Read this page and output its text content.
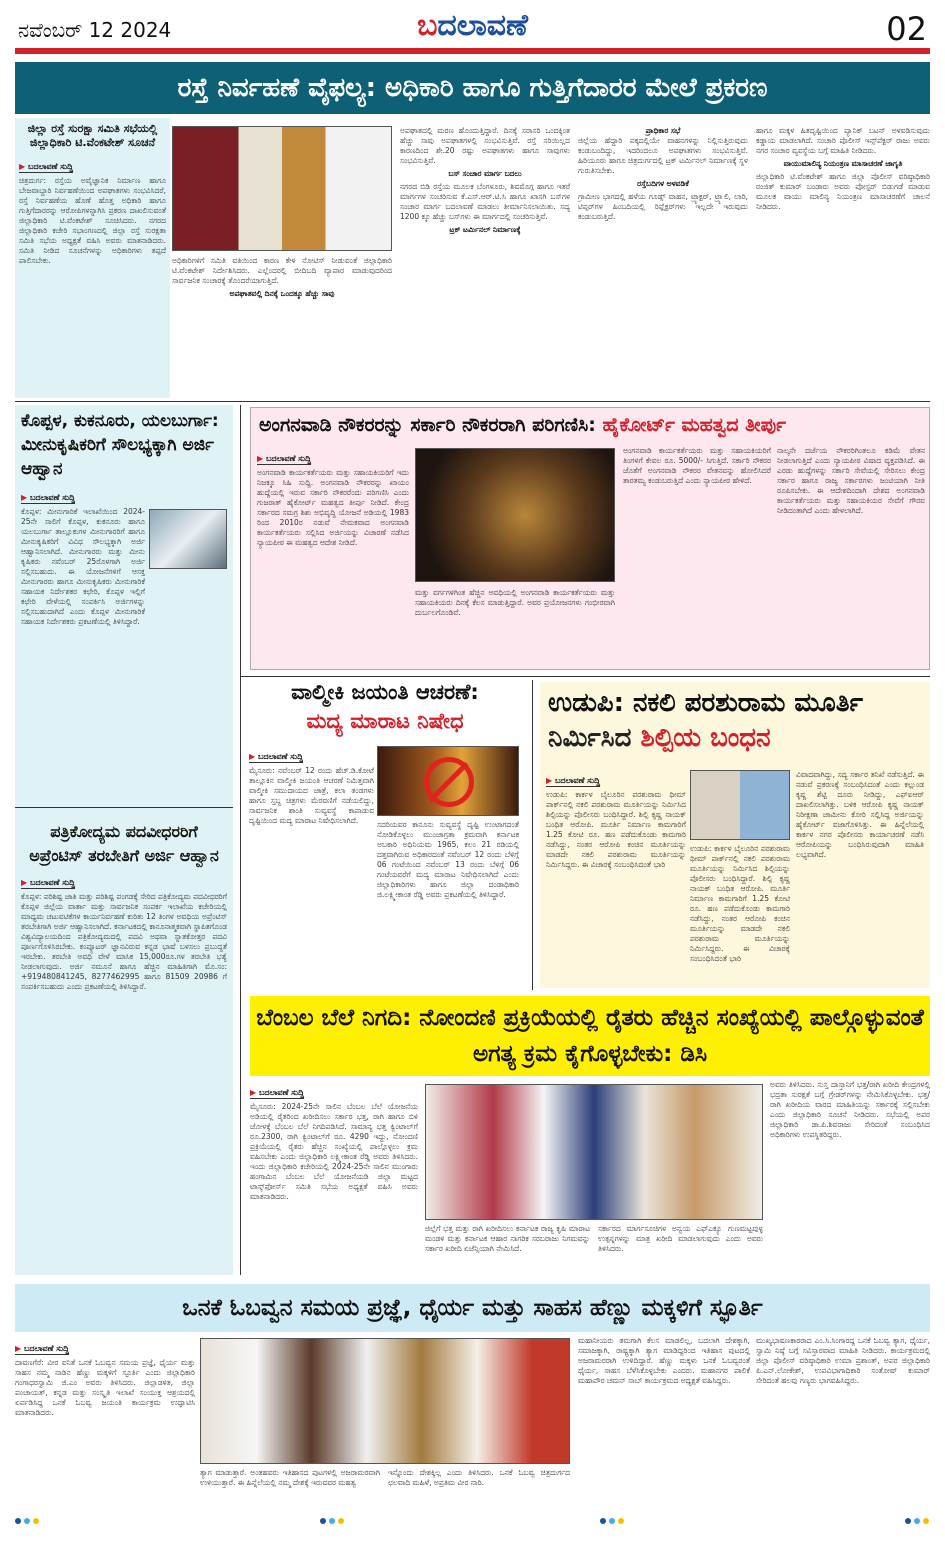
ನವೆಂಬರ್ 12 2024	ಬದಲಾವಣೆ	02
ರಸ್ತೆ ನಿರ್ವಹಣೆ ವೈಫಲ್ಯ: ಅಧಿಕಾರಿ ಹಾಗೂ ಗುತ್ತಿಗೆದಾರರ ಮೇಲೆ ಪ್ರಕರಣ
ಜಿಲ್ಲಾ ರಸ್ತೆ ಸುರಕ್ಷಾ ಸಮಿತಿ ಸಭೆಯಲ್ಲಿ ಜಿಲ್ಲಾಧಿಕಾರಿ ಟಿ.ವೆಂಕಟೇಶ್ ಸೂಚನೆ
▶ ಬದಲಾವಣೆ ಸುದ್ದಿ
ಚಿತ್ರದುರ್ಗ: ರಸ್ತೆಯ ಅವೈಜ್ಞಾನಿಕ ನಿರ್ಮಾಣ ಹಾಗೂ ಬೇಜವಾಬ್ದಾರಿ ನಿರ್ವಹಣೆಯಿಂದ ಅಪಘಾತಗಳು ಸಂಭವಿಸಿದರೆ, ರಸ್ತೆ ನಿರ್ವಹಣೆಯ ಹೊಣೆ ಹೊತ್ತ ಅಧಿಕಾರಿ ಹಾಗೂ ಗುತ್ತಿಗೆದಾರರನ್ನು ಆರೋಪಿಗಳನ್ನಾಗಿಸಿ ಪ್ರಕರಣ ದಾಖಲಿಸುವಂತೆ ಜಿಲ್ಲಾಧಿಕಾರಿ ಟಿ.ವೆಂಕಟೇಶ್ ಸೂಚಿಸಿದರು. ನಗರದ ಜಿಲ್ಲಾಧಿಕಾರಿ ಕಚೇರಿ ಸಭಾಂಗಣದಲ್ಲಿ ಜಿಲ್ಲಾ ರಸ್ತೆ ಸುರಕ್ಷತಾ ಸಮಿತಿ ಸಭೆಯ ಅಧ್ಯಕ್ಷತೆ ವಹಿಸಿ ಅವರು ಮಾತನಾಡಿದರು. ಸಮಿತಿ ನೀಡಿದ ಸೂಚನೆಗಳನ್ನು ಅಧಿಕಾರಿಗಳು ತಪ್ಪದೆ ಪಾಲಿಸಬೇಕು.	ಅಧಿಕಾರಿಗಳಿಗೆ ಸಮಿತಿ ವತಿಯಿಂದ ಕಾರಣ ಕೇಳಿ ನೋಟಿಸ್ ನೀಡುವಂತೆ ಜಿಲ್ಲಾಧಿಕಾರಿ ಟಿ.ವೆಂಕಟೇಶ್ ನಿರ್ದೇಶಿಸಿದರು. ಎಲ್ಲೆಂದರಲ್ಲಿ ಬೀದಿಬದಿ ವ್ಯಾಪಾರ ಮಾಡುವುದರಿಂದ ಸಾರ್ವಜನಿಕ ಸಂಚಾರಕ್ಕೆ ತೊಂದರೆಯಾಗುತ್ತಿದೆ.
ಅಪಘಾತವಲ್ಲಿ ದಿನಕ್ಕೆ ಒಂದಕ್ಕೂ ಹೆಚ್ಚು ಸಾವು
ಅಪಘಾತದಲ್ಲಿ ಮರಣ ಹೊಂದುತ್ತಿದ್ದಾರೆ. ದಿನಕ್ಕೆ ಸರಾಸರಿ ಒಂದಕ್ಕಿಂತ ಹೆಚ್ಚು ಸಾವು ಅಪಘಾತಗಳಲ್ಲಿ ಸಂಭವಿಸುತ್ತಿವೆ. ರಸ್ತೆ ಸರಿಯಿಲ್ಲದ ಕಾರಣದಿಂದ ಶೇ.20 ರಷ್ಟು ಅಪಘಾತಗಳು ಹಾಗೂ ಸಾವುಗಳು ಸಂಭವಿಸುತ್ತಿವೆ.
ಬಸ್ ಸಂಚಾರ ಮಾರ್ಗ ಬದಲು
ನಗರದ ಬಿಡಿ ರಸ್ತೆಯ ಮೂಲಕ ಬೆಂಗಳೂರು, ಶಿವಮೊಗ್ಗ ಹಾಗೂ ಇತರೆ ಮಾರ್ಗಗಳ ಸಂಚರಿಸುವ ಕೆ.ಎಸ್.ಆರ್.ಟಿ.ಸಿ ಹಾಗೂ ಖಾಸಗಿ ಬಸ್‌ಗಳ ಸಂಚಾರ ಮಾರ್ಗ ಬದಲಾವಣೆ ಮಾಡಲು ತೀರ್ಮಾನಿಸಲಾಯಿತು. ಸದ್ಯ 1200 ಕ್ಕೂ ಹೆಚ್ಚು ಬಸ್‌ಗಳು ಈ ಮಾರ್ಗದಲ್ಲಿ ಸಂಚರಿಸುತ್ತಿವೆ.
ಟ್ರಕ್ ಟರ್ಮಿನಲ್ ನಿರ್ಮಾಣಕ್ಕೆ
ಪ್ರಾಧಿಕಾರ ಸಭೆ
ಜಿಲ್ಲೆಯ ಹೆದ್ದಾರಿ ಪಕ್ಕದಲ್ಲಿಯೇ ವಾಹನಗಳನ್ನು ನಿಲ್ಲಿಸುತ್ತಿರುವುದು ಕಂಡುಬಂದಿದ್ದು, ಇದರಿಂದಲೂ ಅಪಘಾತಗಳು ಸಂಭವಿಸುತ್ತಿವೆ. ಹಿರಿಯೂರು ಹಾಗೂ ಚಿತ್ರದುರ್ಗದಲ್ಲಿ ಟ್ರಕ್ ಟರ್ಮಿನಲ್ ನಿರ್ಮಾಣಕ್ಕೆ ಸ್ಥಳ ಗುರುತಿಸಬೇಕು.
ರಸ್ತೆಬದಿಗಳ ಅಳವಡಿಕೆ
ಗ್ರಾಮೀಣ ಭಾಗದಲ್ಲಿ ಹಳೆಯ ಗೂಡ್ಸ್ ವಾಹನ, ಟ್ರ್ಯಾಕ್ಟರ್, ಟ್ರ್ಯಾಲಿ, ಲಾರಿ, ಟಿಪ್ಪರ್‌ಗಳ ಹಿಂಬದಿಯಲ್ಲಿ ರಿಫ್ಲೆಕ್ಟರ್‌ಗಳು ಇಲ್ಲದೇ ಇರುವುದು ಕಂಡುಬರುತ್ತಿದೆ.
ಹಾಗೂ ಮಕ್ಕಳ ಹಿತದೃಷ್ಟಿಯಿಂದ ಪ್ಯಾನಿಕ್ ಬಟನ್ ಅಳವಡಿಸುವುದು ಕಡ್ಡಾಯ ಮಾಡಲಾಗಿದೆ. ಸಂಚಾರಿ ಪೊಲೀಸ್ ಇನ್ಸ್‌ಪೆಕ್ಟರ್ ರಾಜು ಅವರು ನಗರ ಸಂಚಾರ ವ್ಯವಸ್ಥೆಯ ಬಗ್ಗೆ ಮಾಹಿತಿ ನೀಡಿದರು.
ವಾಯುಮಾಲಿನ್ಯ ನಿಯಂತ್ರಣ ಮಾಸಾಚರಣೆ ಜಾಗೃತಿ
ಜಿಲ್ಲಾಧಿಕಾರಿ ಟಿ.ವೆಂಕಟೇಶ್ ಹಾಗೂ ಜಿಲ್ಲಾ ಪೊಲೀಸ್ ವರಿಷ್ಠಾಧಿಕಾರಿ ರಂಜಿತ್ ಕುಮಾರ್ ಬಂಡಾರು ಅವರು ಪೋಸ್ಟರ್ ಬಿಡುಗಡೆ ಮಾಡುವ ಮೂಲಕ ವಾಯು ಮಾಲಿನ್ಯ ನಿಯಂತ್ರಣ ಮಾಸಾಚರಣೆಗೆ ಚಾಲನೆ ನೀಡಿದರು.
ಕೊಪ್ಪಳ, ಕುಕನೂರು, ಯಲಬುರ್ಗಾ: ಮೀನುಕೃಷಿಕರಿಗೆ ಸೌಲಭ್ಯಕ್ಕಾಗಿ ಅರ್ಜಿ ಆಹ್ವಾನ
▶ ಬದಲಾವಣೆ ಸುದ್ದಿ
ಕೊಪ್ಪಳ: ಮೀನುಗಾರಿಕೆ ಇಲಾಖೆಯಿಂದ 2024-25ನೇ ಸಾಲಿಗೆ ಕೊಪ್ಪಳ, ಕುಕನೂರು ಹಾಗೂ ಯಲಬುರ್ಗಾ ತಾಲ್ಲೂಕುಗಳ ಮೀನುಗಾರರಿಗೆ ಹಾಗೂ ಮೀನುಕೃಷಿಕರಿಗೆ ವಿವಿಧ ಸೌಲಭ್ಯಕ್ಕಾಗಿ ಅರ್ಜಿ ಆಹ್ವಾನಿಸಲಾಗಿದೆ. ಮೀನುಗಾರರು ಮತ್ತು ಮೀನು ಕೃಷಿಕರು ನವೆಂಬರ್ 25ರೊಳಗಾಗಿ ಅರ್ಜಿ ಸಲ್ಲಿಸಬಹುದು. ಈ ಯೋಜನೆಗಳಿಗೆ ಆಸಕ್ತ ಮೀನುಗಾರರು ಹಾಗೂ ಮೀನುಕೃಷಿಕರು ಮೀನುಗಾರಿಕೆ ಸಹಾಯಕ ನಿರ್ದೇಶಕರ ಕಛೇರಿ, ಕೊಪ್ಪಳ ಇಲ್ಲಿಗೆ ಕಛೇರಿ ವೇಳೆಯಲ್ಲಿ ಸಂಪರ್ಕಿಸಿ ಅರ್ಜಿಗಳನ್ನು ಸಲ್ಲಿಸಬಹುದಾಗಿದೆ ಎಂದು ಕೊಪ್ಪಳ ಮೀನುಗಾರಿಕೆ ಸಹಾಯಕ ನಿರ್ದೇಶಕರು ಪ್ರಕಟಣೆಯಲ್ಲಿ ತಿಳಿಸಿದ್ದಾರೆ.
ಪತ್ರಿಕೋದ್ಯಮ ಪದವೀಧರರಿಗೆ ಅಪ್ರೆಂಟಿಸ್ ತರಬೇತಿಗೆ ಅರ್ಜಿ ಆಹ್ವಾನ
▶ ಬದಲಾವಣೆ ಸುದ್ದಿ
ಕೊಪ್ಪಳ: ಪರಿಶಿಷ್ಟ ಜಾತಿ ಮತ್ತು ಪರಿಶಿಷ್ಟ ಪಂಗಡಕ್ಕೆ ಸೇರಿದ ಪತ್ರಿಕೋದ್ಯಮ ಪದವೀಧರರಿಗೆ ಕೊಪ್ಪಳ ಜಿಲ್ಲೆಯ ವಾರ್ತಾ ಮತ್ತು ಸಾರ್ವಜನಿಕ ಸಂಪರ್ಕ ಇಲಾಖೆಯ ಕಚೇರಿಯಲ್ಲಿ ಮಾಧ್ಯಮ ಚಟುವಟಿಕೆಗಳ ಕಾರ್ಯನಿರ್ವಹಣೆ ಕುರಿತು 12 ತಿಂಗಳ ಅವಧಿಯ ಅಪ್ರೆಂಟಿಸ್ ತರಬೇತಿಗಾಗಿ ಅರ್ಜಿ ಆಹ್ವಾನಿಸಲಾಗಿದೆ. ಕರ್ನಾಟಕದಲ್ಲಿ ಕಾನೂನಾತ್ಮಕವಾಗಿ ಸ್ಥಾಪಿತಗೊಂಡ ವಿಶ್ವವಿದ್ಯಾಲಯದಿಂದ ಪತ್ರಿಕೋದ್ಯಮದಲ್ಲಿ ಪದವಿ ಅಥವಾ ಸ್ನಾತಕೋತ್ತರ ಪದವಿ ಪೂರ್ಣಗೊಳಿಸಿರಬೇಕು. ಕಂಪ್ಯೂಟರ್ ಜ್ಞಾನವಿರುವ ಕನ್ನಡ ಭಾಷೆ ಬಳಸಲು ಪ್ರಬುದ್ಧತೆ ಇರಬೇಕು. ತರಬೇತಿ ಅವಧಿ ವೇಳೆ ಮಾಸಿಕ 15,000ರೂ.ಗಳ ತರಬೇತಿ ಭತ್ಯೆ ನೀಡಲಾಗುವುದು. ಅರ್ಜಿ ನಮೂನೆ ಹಾಗೂ ಹೆಚ್ಚಿನ ಮಾಹಿತಿಗಾಗಿ ಮೊ.ಸಂ: +919480841245, 8277462995 ಹಾಗೂ 81509 20986 ಗೆ ಸಂಪರ್ಕಿಸಬಹುದು ಎಂದು ಪ್ರಕಟಣೆಯಲ್ಲಿ ತಿಳಿಸಿದ್ದಾರೆ.
ಅಂಗನವಾಡಿ ನೌಕರರನ್ನು ಸರ್ಕಾರಿ ನೌಕರರಾಗಿ ಪರಿಗಣಿಸಿ: ಹೈಕೋರ್ಟ್ ಮಹತ್ವದ ತೀರ್ಪು
▶ ಬದಲಾವಣೆ ಸುದ್ದಿ
ಅಂಗನವಾಡಿ ಕಾರ್ಯಕರ್ತೆಯರು ಮತ್ತು ಸಹಾಯಕಿಯರಿಗೆ ಇದು ನಿಜಕ್ಕೂ ಸಿಹಿ ಸುದ್ದಿ. ಅಂಗನವಾಡಿ ನೌಕರರನ್ನು ಖಾಯಂ ಹುದ್ದೆಯಲ್ಲಿ ಇರುವ ಸರ್ಕಾರಿ ನೌಕರರೆಂದು ಪರಿಗಣಿಸಿ ಎಂದು ಗುಜರಾತ್ ಹೈಕೋರ್ಟ್ ಮಹತ್ವದ ತೀರ್ಪು ನೀಡಿದೆ. ಕೇಂದ್ರ ಸರ್ಕಾರದ ಸಮಗ್ರ ಶಿಶು ಅಭಿವೃದ್ಧಿ ಯೋಜನೆ ಅಡಿಯಲ್ಲಿ 1983 ರಿಂದ 2010ರ ನಡುವೆ ನೇಮಕವಾದ ಅಂಗನವಾಡಿ ಕಾರ್ಯಕರ್ತೆಯರು ಸಲ್ಲಿಸಿದ ಅರ್ಜಿಯನ್ನು ವಿಚಾರಣೆ ನಡೆಸಿದ ನ್ಯಾಯಪೀಠ ಈ ಮಹತ್ವದ ಆದೇಶ ನೀಡಿದೆ.
ಮತ್ತು ವರ್ಗಗಳಿಗಿಂತ ಹೆಚ್ಚಿನ ಅವಧಿಯಲ್ಲಿ ಅಂಗನವಾಡಿ ಕಾರ್ಯಕರ್ತೆಯರು ಮತ್ತು ಸಹಾಯಕಿಯರು ದಿನಕ್ಕೆ ಕೆಲಸ ಮಾಡುತ್ತಿದ್ದಾರೆ. ಅವರ ಪ್ರಯೋಜನಗಳು ಗಂಭೀರವಾಗಿ ದುರ್ಬಲಗೊಂಡಿವೆ.
ಅಂಗನವಾಡಿ ಕಾರ್ಯಕರ್ತೆಯರು ಮತ್ತು ಸಹಾಯಕಿಯರಿಗೆ ತಿಂಗಳಿಗೆ ಕೇವಲ ರೂ. 5000/- ಸಿಗುತ್ತಿದೆ. ಸರ್ಕಾರಿ ನೌಕರರ ಜೊತೆಗೆ ಅಂಗನವಾಡಿ ನೌಕರರ ವೇತನವನ್ನು ಹೋಲಿಸಿದರೆ ತಾರತಮ್ಯ ಕಂಡುಬರುತ್ತಿದೆ ಎಂದು ನ್ಯಾಯಪೀಠ ಹೇಳಿದೆ.
ನಾಲ್ಕನೇ ದರ್ಜೆಯ ನೌಕರರಿಗಿಂತಲೂ ಕಡಿಮೆ ವೇತನ ನೀಡಲಾಗುತ್ತಿದೆ ಎಂದು ನ್ಯಾಯಪೀಠ ವಿಷಾದ ವ್ಯಕ್ತಪಡಿಸಿದೆ. ಈ ಎರಡು ಹುದ್ದೆಗಳನ್ನು ಸರ್ಕಾರಿ ಸೇವೆಯಲ್ಲಿ ಸೇರಿಸಲು ಕೇಂದ್ರ ಸರ್ಕಾರ ಹಾಗೂ ರಾಜ್ಯ ಸರ್ಕಾರಗಳು ಜಂಟಿಯಾಗಿ ನೀತಿ ರೂಪಿಸಬೇಕು. ಈ ಆದೇಶದಿಂದಾಗಿ ದೇಶದ ಅಂಗನವಾಡಿ ಕಾರ್ಯಕರ್ತೆಯರು ಮತ್ತು ಸಹಾಯಕಿಯರ ಸೇವೆಗೆ ಗೌರವ ನೀಡಿದಂತಾಗಿದೆ ಎಂದು ಹೇಳಲಾಗಿದೆ.
ವಾಲ್ಮೀಕಿ ಜಯಂತಿ ಆಚರಣೆ:
ಮದ್ಯ ಮಾರಾಟ ನಿಷೇಧ
▶ ಬದಲಾವಣೆ ಸುದ್ದಿ
ಮೈಸೂರು: ನವೆಂಬರ್ 12 ರಂದು ಹೆಚ್.ಡಿ.ಕೋಟೆ ತಾಲ್ಲೂಕಿನ ವಾಲ್ಮೀಕಿ ಜಯಂತಿ ಆಚರಣೆ ನಿಮಿತ್ತವಾಗಿ ವಾಲ್ಮೀಕಿ ಸಮುದಾಯದ ಜಾತ್ರೆ, ಕಲಾ ತಂಡಗಳು ಹಾಗೂ ಸ್ತಬ್ಧ ಚಿತ್ರಗಳು ಮೆರವಣಿಗೆ ನಡೆಯಲಿದ್ದು, ಸಾರ್ವಜನಿಕ ಶಾಂತಿ ಸುವ್ಯವಸ್ಥೆ ಕಾಪಾಡುವ ದೃಷ್ಟಿಯಿಂದ ಮದ್ಯ ಮಾರಾಟ ನಿಷೇಧಿಸಲಾಗಿದೆ.	ಸದರಿಯವರ ಕಾನೂನು ಸುವ್ಯವಸ್ಥೆ ದೃಷ್ಟಿ ಉಂಟಾಗದಂತೆ ನೋಡಿಕೊಳ್ಳಲು ಮುಂಜಾಗ್ರತಾ ಕ್ರಮವಾಗಿ ಕರ್ನಾಟಕ ಅಬಕಾರಿ ಅಧಿನಿಯಮ 1965, ಕಲಂ 21 ರಡಿಯಲ್ಲಿ ದತ್ತವಾಗಿರುವ ಅಧಿಕಾರದಂತೆ ನವೆಂಬರ್ 12 ರಂದು ಬೆಳಿಗ್ಗೆ 06 ಗಂಟೆಯಿಂದ ನವೆಂಬರ್ 13 ರಂದು ಬೆಳಿಗ್ಗೆ 06 ಗಂಟೆಯವರೆಗೆ ಮದ್ಯ ಮಾರಾಟ ನಿಷೇಧಿಸಲಾಗಿದೆ ಎಂದು ಜಿಲ್ಲಾಧಿಕಾರಿಗಳು ಹಾಗೂ ಜಿಲ್ಲಾ ದಂಡಾಧಿಕಾರಿ ಜಿ.ಲಕ್ಷ್ಮೀಕಾಂತ ರೆಡ್ಡಿ ಅವರು ಪ್ರಕಟಣೆಯಲ್ಲಿ ತಿಳಿಸಿದ್ದಾರೆ.
ಉಡುಪಿ: ನಕಲಿ ಪರಶುರಾಮ ಮೂರ್ತಿ
ನಿರ್ಮಿಸಿದ ಶಿಲ್ಪಿಯ ಬಂಧನ
▶ ಬದಲಾವಣೆ ಸುದ್ದಿ
ಉಡುಪಿ: ಕಾರ್ಕಳ ಬೈಲೂರಿನ ಪರಶುರಾಮ ಥೀಮ್ ಪಾರ್ಕ್‌ನಲ್ಲಿ ನಕಲಿ ಪರಶುರಾಮ ಮೂರ್ತಿಯನ್ನು ನಿರ್ಮಿಸಿದ ಶಿಲ್ಪಿಯನ್ನು ಪೊಲೀಸರು ಬಂಧಿಸಿದ್ದಾರೆ. ಶಿಲ್ಪಿ ಕೃಷ್ಣ ನಾಯಕ್ ಬಂಧಿತ ಆರೋಪಿ. ಮೂರ್ತಿ ನಿರ್ಮಾಣ ಕಾಮಗಾರಿಗೆ 1.25 ಕೋಟಿ ರೂ. ಹಣ ಪಡೆದುಕೊಂಡು ಕಾಮಗಾರಿ ನಡೆಸಿದ್ದು, ನಂತರ ಆರೋಪಿ ಕಂಚಿನ ಮೂರ್ತಿಯನ್ನು ಮಾಡದೇ ನಕಲಿ ಪರಶುರಾಮ ಮೂರ್ತಿಯನ್ನು ನಿರ್ಮಿಸಿದ್ದರು. ಈ ವಿಚಾರಕ್ಕೆ ಸಂಬಂಧಿಸಿದಂತೆ ಭಾರಿ
ಉಡುಪಿ: ಕಾರ್ಕಳ ಬೈಲೂರಿನ ಪರಶುರಾಮ ಥೀಮ್ ಪಾರ್ಕ್‌ನಲ್ಲಿ ನಕಲಿ ಪರಶುರಾಮ ಮೂರ್ತಿಯನ್ನು ನಿರ್ಮಿಸಿದ ಶಿಲ್ಪಿಯನ್ನು ಪೊಲೀಸರು ಬಂಧಿಸಿದ್ದಾರೆ. ಶಿಲ್ಪಿ ಕೃಷ್ಣ ನಾಯಕ್ ಬಂಧಿತ ಆರೋಪಿ. ಮೂರ್ತಿ ನಿರ್ಮಾಣ ಕಾಮಗಾರಿಗೆ 1.25 ಕೋಟಿ ರೂ. ಹಣ ಪಡೆದುಕೊಂಡು ಕಾಮಗಾರಿ ನಡೆಸಿದ್ದು, ನಂತರ ಆರೋಪಿ ಕಂಚಿನ ಮೂರ್ತಿಯನ್ನು ಮಾಡದೇ ನಕಲಿ ಪರಶುರಾಮ ಮೂರ್ತಿಯನ್ನು ನಿರ್ಮಿಸಿದ್ದರು. ಈ ವಿಚಾರಕ್ಕೆ ಸಂಬಂಧಿಸಿದಂತೆ ಭಾರಿ
ವಿವಾದವಾಗಿದ್ದು, ಸದ್ಯ ಸರ್ಕಾರ ತನಿಖೆ ನಡೆಸುತ್ತಿದೆ. ಈ ನಡುವೆ ಪ್ರಕರಣಕ್ಕೆ ಸಂಬಂಧಿಸಿದಂತೆ ಎಂದು ಕಲ್ಲುಂಡ ಕೃಷ್ಣ ಶೆಟ್ಟಿ ದೂರು ನೀಡಿದ್ದು, ಎಫ್‌ಐಆರ್ ದಾಖಲಿಸಲಾಗಿತ್ತು. ಬಳಿಕ ಆರೋಪಿ ಕೃಷ್ಣ ನಾಯಕ್ ನಿರೀಕ್ಷಣಾ ಜಾಮೀನು ಕೋರಿ ಸಲ್ಲಿಸಿದ್ದ ಅರ್ಜಿಯನ್ನು ಹೈಕೋರ್ಟ್ ವಜಾಗೊಳಿಸಿತ್ತು. ಈ ಹಿನ್ನೆಲೆಯಲ್ಲಿ ಕಾರ್ಕಳ ನಗರ ಪೊಲೀಸರು ಕಾರ್ಯಾಚರಣೆ ನಡೆಸಿ ಆರೋಪಿಯನ್ನು ಬಂಧಿಸಿರುವುದಾಗಿ ಮಾಹಿತಿ ಲಭ್ಯವಾಗಿದೆ.
ಬೆಂಬಲ ಬೆಲೆ ನಿಗದಿ: ನೋಂದಣಿ ಪ್ರಕ್ರಿಯೆಯಲ್ಲಿ ರೈತರು ಹೆಚ್ಚಿನ ಸಂಖ್ಯೆಯಲ್ಲಿ ಪಾಲ್ಗೊಳ್ಳುವಂತೆ ಅಗತ್ಯ ಕ್ರಮ ಕೈಗೊಳ್ಳಬೇಕು: ಡಿಸಿ
▶ ಬದಲಾವಣೆ ಸುದ್ದಿ
ಮೈಸೂರು: 2024-25ನೇ ಸಾಲಿನ ಬೆಂಬಲ ಬೆಲೆ ಯೋಜನೆಯ ಅಡಿಯಲ್ಲಿ ರೈತರಿಂದ ಖರೀದಿಸಲು ಸರ್ಕಾರ ಭತ್ತ, ರಾಗಿ ಹಾಗೂ ಬಿಳಿ ಜೋಳಕ್ಕೆ ಬೆಂಬಲ ಬೆಲೆ ನಿಗದಿಪಡಿಸಿದೆ. ಸಾಮಾನ್ಯ ಭತ್ತ ಕ್ವಿಂಟಾಲ್‌ಗೆ ರೂ.2300, ರಾಗಿ ಕ್ವಿಂಟಾಲ್‌ಗೆ ರೂ. 4290 ಇದ್ದು, ನೋಂದಣಿ ಪ್ರಕ್ರಿಯೆಯಲ್ಲಿ ರೈತರು ಹೆಚ್ಚಿನ ಸಂಖ್ಯೆಯಲ್ಲಿ ಪಾಲ್ಗೊಳ್ಳಲು ಕ್ರಮ ವಹಿಸಬೇಕು ಎಂದು ಜಿಲ್ಲಾಧಿಕಾರಿ ಲಕ್ಷ್ಮೀಕಾಂತ ರೆಡ್ಡಿ ಅವರು ತಿಳಿಸಿದರು. ಇಂದು ಜಿಲ್ಲಾಧಿಕಾರಿ ಕಚೇರಿಯಲ್ಲಿ 2024-25ನೇ ಸಾಲಿನ ಮುಂಗಾರು ಹಂಗಾಮಿನ ಬೆಂಬಲ ಬೆಲೆ ಯೋಜನೆಯಡಿ ಜಿಲ್ಲಾ ಮಟ್ಟದ ಟಾಸ್ಕ್‌ಫೋರ್ಸ್ ಸಮಿತಿ ಸಭೆಯ ಅಧ್ಯಕ್ಷತೆ ವಹಿಸಿ ಅವರು ಮಾತನಾಡಿದರು.
ಜಿಲ್ಲೆಗೆ ಭತ್ತ ಮತ್ತು ರಾಗಿ ಖರೀದಿಸಲು ಕರ್ನಾಟಕ ರಾಜ್ಯ ಕೃಷಿ ಮಾರಾಟ ಮಂಡಳಿ ಮತ್ತು ಕರ್ನಾಟಕ ಆಹಾರ ನಾಗರಿಕ ಸರಬರಾಜು ನಿಗಮವನ್ನು ಸರ್ಕಾರ ಖರೀದಿ ಏಜೆನ್ಸಿಯಾಗಿ ನೇಮಿಸಿದೆ.
ಸರ್ಕಾರದ ಮಾರ್ಗಸೂಚಿಗಳ ಅನ್ವಯ ಎಫ್‌ಎಕ್ಯೂ ಗುಣಮಟ್ಟವುಳ್ಳ ಉತ್ಪನ್ನಗಳನ್ನು ಮಾತ್ರ ಖರೀದಿ ಮಾಡಲಾಗುವುದು ಎಂದು ಅವರು ತಿಳಿಸಿದರು.
ಅವರು ತಿಳಿಸಿದರು. ಸುಸ್ತ ದಾಸ್ತಾನಿಗೆ ಭತ್ತ/ರಾಗಿ ಖರೀದಿ ಕೇಂದ್ರಗಳಲ್ಲಿ ಭದ್ರತಾ ಸುರಕ್ಷತೆ ಬಗ್ಗೆ ಗ್ರೇಡರ್‌ಗಳನ್ನು ನೇಮಿಸಿಕೊಳ್ಳಬೇಕು. ಭತ್ತ/ರಾಗಿ ಖರೀದಿಯ ವಾರದ ಮಾಹಿತಿಯನ್ನು ಸರ್ಕಾರಕ್ಕೆ ಸಲ್ಲಿಸಬೇಕು ಎಂದು ಜಿಲ್ಲಾಧಿಕಾರಿ ಸೂಚನೆ ನೀಡಿದರು. ಸಭೆಯಲ್ಲಿ ಅಪರ ಜಿಲ್ಲಾಧಿಕಾರಿ ಡಾ.ಪಿ.ಶಿವರಾಜು ಸೇರಿದಂತೆ ಸಂಬಂಧಿಸಿದ ಅಧಿಕಾರಿಗಳು ಉಪಸ್ಥಿತರಿದ್ದರು.
ಒನಕೆ ಓಬವ್ವನ ಸಮಯ ಪ್ರಜ್ಞೆ, ಧೈರ್ಯ ಮತ್ತು ಸಾಹಸ ಹೆಣ್ಣು ಮಕ್ಕಳಿಗೆ ಸ್ಫೂರ್ತಿ
▶ ಬದಲಾವಣೆ ಸುದ್ದಿ
ದಾವಣಗೆರೆ: ವೀರ ವನಿತೆ ಒನಕೆ ಓಬವ್ವನ ಸಮಯ ಪ್ರಜ್ಞೆ, ಧೈರ್ಯ ಮತ್ತು ಸಾಹಸ ನಮ್ಮ ನಾಡಿನ ಹೆಣ್ಣು ಮಕ್ಕಳಿಗೆ ಸ್ಫೂರ್ತಿ ಎಂದು ಜಿಲ್ಲಾಧಿಕಾರಿ ಗಂಗಾಧರಸ್ವಾಮಿ ಜಿ.ಎಂ ಅವರು ತಿಳಿಸಿದರು. ಜಿಲ್ಲಾಡಳಿತ, ಜಿಲ್ಲಾ ಪಂಚಾಯತ್, ಕನ್ನಡ ಮತ್ತು ಸಂಸ್ಕೃತಿ ಇಲಾಖೆ ಸಂಯುಕ್ತ ಆಶ್ರಯದಲ್ಲಿ ಏರ್ಪಡಿಸಿದ್ದ ಒನಕೆ ಓಬವ್ವ ಜಯಂತಿ ಕಾರ್ಯಕ್ರಮ ಉದ್ಘಾಟಿಸಿ ಮಾತನಾಡಿದರು.
ತ್ಯಾಗ ಮಾಡುತ್ತಾರೆ. ಅಂತಹವರು ಇತಿಹಾಸದ ಪುಟಗಳಲ್ಲಿ ಅಜರಾಮರವಾಗಿ ಉಳಿಯುತ್ತಾರೆ. ಈ ಹಿನ್ನೆಲೆಯಲ್ಲಿ ನಮ್ಮ ದೇಶಕ್ಕೆ ಇರುವವರ ಮಹತ್ವ
ಇನ್ನೊಂದು ದೇಶಕ್ಕಿಲ್ಲ ಎಂದು ತಿಳಿಸಿದರು. ಒನಕೆ ಓಬವ್ವ ಚಿತ್ರದುರ್ಗದ ಛಲವಾದಿ ಮಹಿಳೆ, ಅಪ್ರತಿಮ ವೀರ ನಾರಿ.
ಮಹಾನೀಯರು ತಮಗಾಗಿ ಕೆಲಸ ಮಾಡಲಿಲ್ಲ, ಬದಲಾಗಿ ದೇಶಕ್ಕಾಗಿ, ಸಮಾಜಕ್ಕಾಗಿ, ರಾಷ್ಟ್ರಕ್ಕಾಗಿ ತ್ಯಾಗ ಮಾಡಿದ್ದರಿಂದ ಇತಿಹಾಸ ಪುಟದಲ್ಲಿ ಅಜರಾಮರರಾಗಿ ಉಳಿದಿದ್ದಾರೆ. ಹೆಣ್ಣು ಮಕ್ಕಳು ಒನಕೆ ಓಬವ್ವರಂತೆ ಧೈರ್ಯ, ಸಾಹಸ ಬೆಳೆಸಿಕೊಳ್ಳಬೇಕು ಎಂದರು. ಮಹಾನಗರ ಪಾಲಿಕೆ ಮಹಾಪೌರ ಚಮನ್ ಸಾಬ್ ಕಾರ್ಯಕ್ರಮದ ಅಧ್ಯಕ್ಷತೆ ವಹಿಸಿದ್ದರು.
ಮುಖ್ಯಭಾಷಣಕಾರರಾದ ಎಂ.ಸಿ.ಸಿಂಗಾರದ್ದ ಒನಕೆ ಓಬವ್ವ ತ್ಯಾಗ, ಧೈರ್ಯ, ಸ್ವಾಮಿ ನಿಷ್ಠೆ ಬಗ್ಗೆ ಸವಿಸ್ತಾರವಾದ ಮಾಹಿತಿ ನೀಡಿದರು. ಕಾರ್ಯಕ್ರಮದಲ್ಲಿ ಜಿಲ್ಲಾ ಪೊಲೀಸ್ ವರಿಷ್ಠಾಧಿಕಾರಿ ಉಮಾ ಪ್ರಶಾಂತ್, ಅಪರ ಜಿಲ್ಲಾಧಿಕಾರಿ ಪಿ.ಎನ್.ಲೋಕೇಶ್, ಉಪವಿಭಾಗಾಧಿಕಾರಿ ಸಂತೋಷ್ ಕುಮಾರ್ ಸೇರಿದಂತೆ ಹಲವು ಗಣ್ಯರು ಭಾಗವಹಿಸಿದ್ದರು.
